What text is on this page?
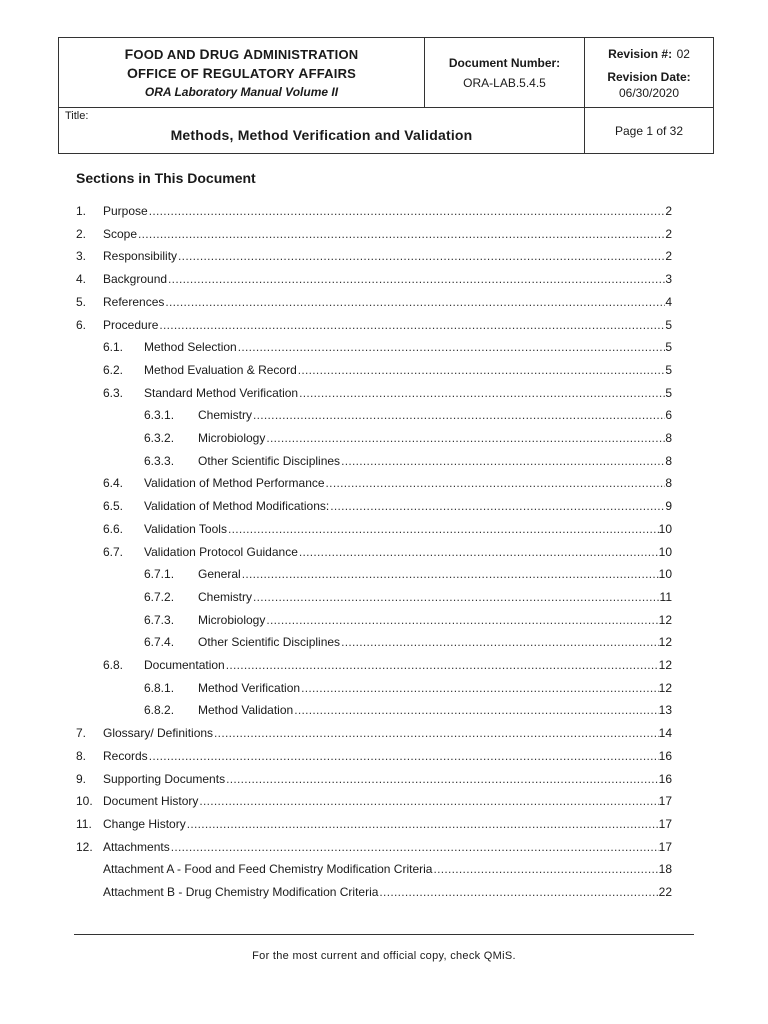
FOOD AND DRUG ADMINISTRATION
OFFICE OF REGULATORY AFFAIRS
ORA Laboratory Manual Volume II
Document Number:
ORA-LAB.5.4.5
Revision #: 02
Revision Date:
06/30/2020
Title:
Methods, Method Verification and Validation	Page 1 of 32
Sections in This Document
1.	Purpose .....	2
2.	Scope .....	2
3.	Responsibility .....	2
4.	Background .....	3
5.	References .....	4
6.	Procedure .....	5
6.1.	Method Selection .....	5
6.2.	Method Evaluation & Record .....	5
6.3.	Standard Method Verification .....	5
6.3.1.	Chemistry .....	6
6.3.2.	Microbiology .....	8
6.3.3.	Other Scientific Disciplines .....	8
6.4.	Validation of Method Performance .....	8
6.5.	Validation of Method Modifications: .....	9
6.6.	Validation Tools .....	10
6.7.	Validation Protocol Guidance .....	10
6.7.1.	General .....	10
6.7.2.	Chemistry .....	11
6.7.3.	Microbiology .....	12
6.7.4.	Other Scientific Disciplines .....	12
6.8.	Documentation .....	12
6.8.1.	Method Verification .....	12
6.8.2.	Method Validation .....	13
7.	Glossary/ Definitions .....	14
8.	Records .....	16
9.	Supporting Documents .....	16
10. Document History .....	17
11. Change History .....	17
12. Attachments .....	17
Attachment A - Food and Feed Chemistry Modification Criteria .....	18
Attachment B - Drug Chemistry Modification Criteria .....	22
For the most current and official copy, check QMiS.
